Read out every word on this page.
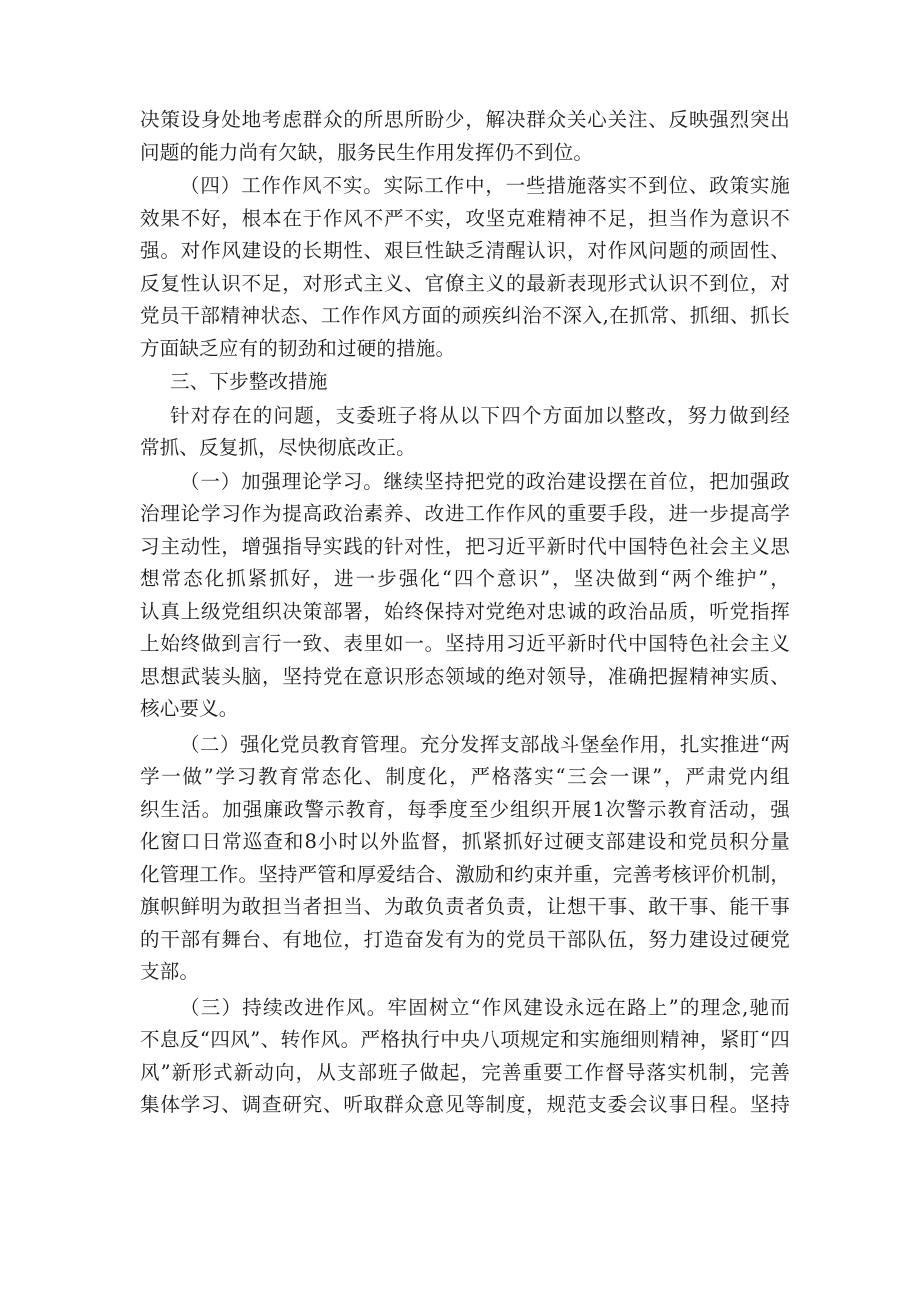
决策设身处地考虑群众的所思所盼少，解决群众关心关注、反映强烈突出
问题的能力尚有欠缺，服务民生作用发挥仍不到位。
（四）工作作风不实。实际工作中，一些措施落实不到位、政策实施
效果不好，根本在于作风不严不实，攻坚克难精神不足，担当作为意识不
强。对作风建设的长期性、艰巨性缺乏清醒认识，对作风问题的顽固性、
反复性认识不足，对形式主义、官僚主义的最新表现形式认识不到位，对
党员干部精神状态、工作作风方面的顽疾纠治不深入,在抓常、抓细、抓长
方面缺乏应有的韧劲和过硬的措施。
三、下步整改措施
针对存在的问题，支委班子将从以下四个方面加以整改，努力做到经
常抓、反复抓，尽快彻底改正。
（一）加强理论学习。继续坚持把党的政治建设摆在首位，把加强政
治理论学习作为提高政治素养、改进工作作风的重要手段，进一步提高学
习主动性，增强指导实践的针对性，把习近平新时代中国特色社会主义思
想常态化抓紧抓好，进一步强化“四个意识”，坚决做到“两个维护”，
认真上级党组织决策部署，始终保持对党绝对忠诚的政治品质，听党指挥
上始终做到言行一致、表里如一。坚持用习近平新时代中国特色社会主义
思想武装头脑，坚持党在意识形态领域的绝对领导，准确把握精神实质、
核心要义。
（二）强化党员教育管理。充分发挥支部战斗堡垒作用，扎实推进“两
学一做”学习教育常态化、制度化，严格落实“三会一课”，严肃党内组
织生活。加强廉政警示教育，每季度至少组织开展1次警示教育活动，强
化窗口日常巡查和8小时以外监督，抓紧抓好过硬支部建设和党员积分量
化管理工作。坚持严管和厚爱结合、激励和约束并重，完善考核评价机制，
旗帜鲜明为敢担当者担当、为敢负责者负责，让想干事、敢干事、能干事
的干部有舞台、有地位，打造奋发有为的党员干部队伍，努力建设过硬党
支部。
（三）持续改进作风。牢固树立“作风建设永远在路上”的理念,驰而
不息反“四风”、转作风。严格执行中央八项规定和实施细则精神，紧盯“四
风”新形式新动向，从支部班子做起，完善重要工作督导落实机制，完善
集体学习、调查研究、听取群众意见等制度，规范支委会议事日程。坚持
